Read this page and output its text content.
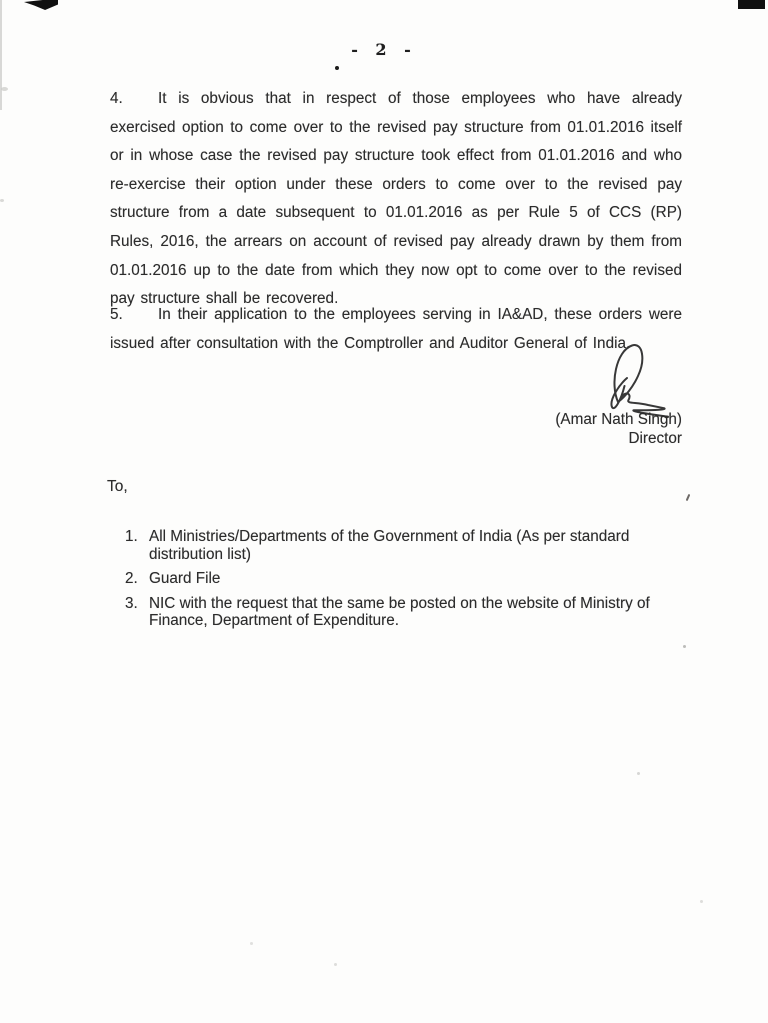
- 2 -

4. It is obvious that in respect of those employees who have already exercised option to come over to the revised pay structure from 01.01.2016 itself or in whose case the revised pay structure took effect from 01.01.2016 and who re-exercise their option under these orders to come over to the revised pay structure from a date subsequent to 01.01.2016 as per Rule 5 of CCS (RP) Rules, 2016, the arrears on account of revised pay already drawn by them from 01.01.2016 up to the date from which they now opt to come over to the revised pay structure shall be recovered.

5. In their application to the employees serving in IA&AD, these orders were issued after consultation with the Comptroller and Auditor General of India.

(Amar Nath Singh)
Director
To,
1. All Ministries/Departments of the Government of India (As per standard distribution list)
2. Guard File
3. NIC with the request that the same be posted on the website of Ministry of Finance, Department of Expenditure.
